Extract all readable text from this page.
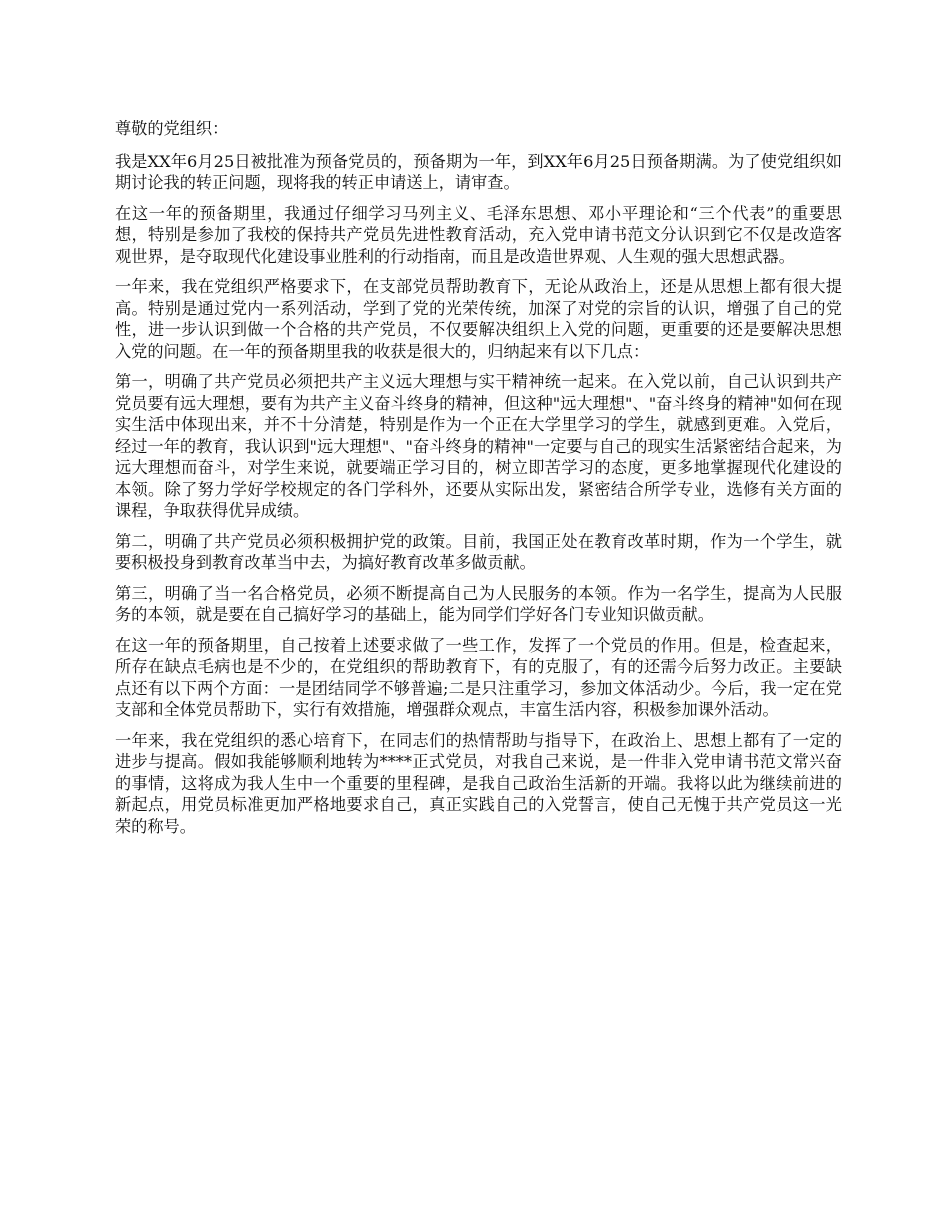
尊敬的党组织：

我是XX年6月25日被批准为预备党员的，预备期为一年，到XX年6月25日预备期满。为了使党组织如期讨论我的转正问题，现将我的转正申请送上，请审查。

在这一年的预备期里，我通过仔细学习马列主义、毛泽东思想、邓小平理论和“三个代表”的重要思想，特别是参加了我校的保持共产党员先进性教育活动，充入党申请书范文分认识到它不仅是改造客观世界，是夺取现代化建设事业胜利的行动指南，而且是改造世界观、人生观的强大思想武器。

一年来，我在党组织严格要求下，在支部党员帮助教育下，无论从政治上，还是从思想上都有很大提高。特别是通过党内一系列活动，学到了党的光荣传统，加深了对党的宗旨的认识，增强了自己的党性，进一步认识到做一个合格的共产党员，不仅要解决组织上入党的问题，更重要的还是要解决思想入党的问题。在一年的预备期里我的收获是很大的，归纳起来有以下几点：

第一，明确了共产党员必须把共产主义远大理想与实干精神统一起来。在入党以前，自己认识到共产党员要有远大理想，要有为共产主义奋斗终身的精神，但这种"远大理想"、"奋斗终身的精神"如何在现实生活中体现出来，并不十分清楚，特别是作为一个正在大学里学习的学生，就感到更难。入党后，经过一年的教育，我认识到"远大理想"、"奋斗终身的精神"一定要与自己的现实生活紧密结合起来，为远大理想而奋斗，对学生来说，就要端正学习目的，树立即苦学习的态度，更多地掌握现代化建设的本领。除了努力学好学校规定的各门学科外，还要从实际出发，紧密结合所学专业，选修有关方面的课程，争取获得优异成绩。

第二，明确了共产党员必须积极拥护党的政策。目前，我国正处在教育改革时期，作为一个学生，就要积极投身到教育改革当中去，为搞好教育改革多做贡献。

第三，明确了当一名合格党员，必须不断提高自己为人民服务的本领。作为一名学生，提高为人民服务的本领，就是要在自己搞好学习的基础上，能为同学们学好各门专业知识做贡献。

在这一年的预备期里，自己按着上述要求做了一些工作，发挥了一个党员的作用。但是，检查起来，所存在缺点毛病也是不少的，在党组织的帮助教育下，有的克服了，有的还需今后努力改正。主要缺点还有以下两个方面：一是团结同学不够普遍;二是只注重学习，参加文体活动少。今后，我一定在党支部和全体党员帮助下，实行有效措施，增强群众观点，丰富生活内容，积极参加课外活动。

一年来，我在党组织的悉心培育下，在同志们的热情帮助与指导下，在政治上、思想上都有了一定的进步与提高。假如我能够顺利地转为****正式党员，对我自己来说，是一件非入党申请书范文常兴奋的事情，这将成为我人生中一个重要的里程碑，是我自己政治生活新的开端。我将以此为继续前进的新起点，用党员标准更加严格地要求自己，真正实践自己的入党誓言，使自己无愧于共产党员这一光荣的称号。
